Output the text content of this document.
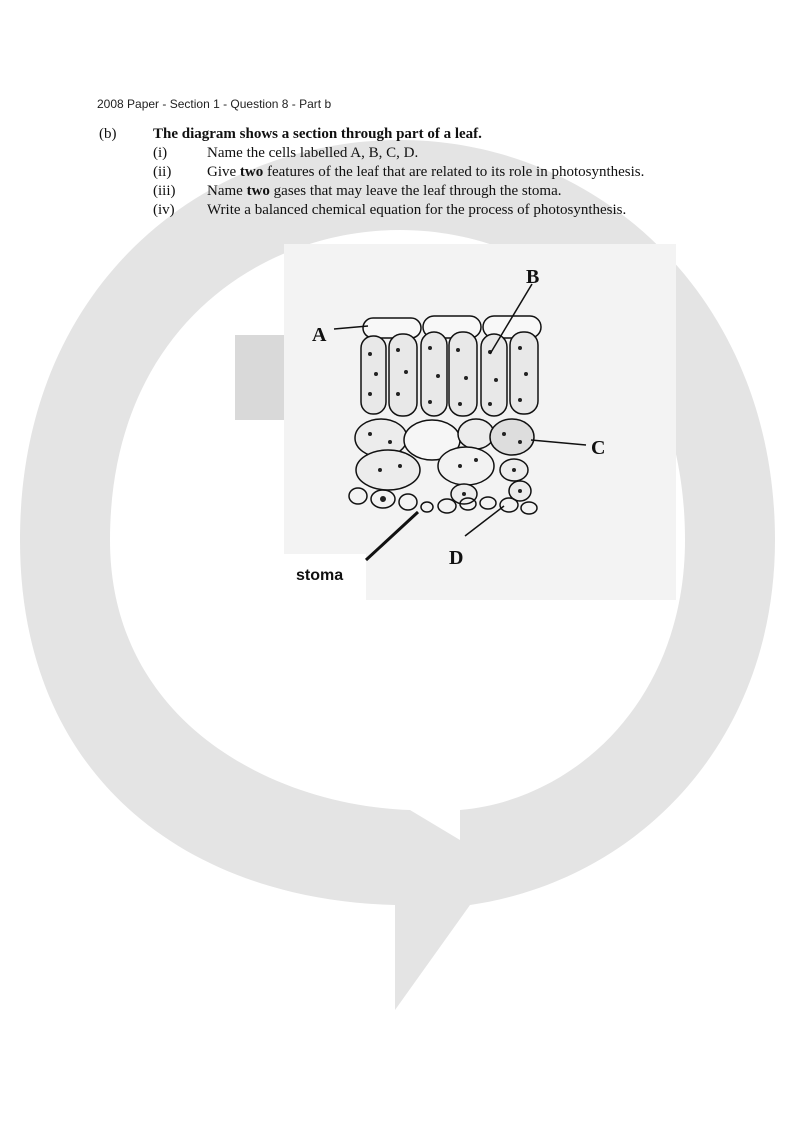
2008 Paper - Section 1 - Question 8 - Part b
(b) The diagram shows a section through part of a leaf.
(i)	Name the cells labelled A, B, C, D.
(ii) Give two features of the leaf that are related to its role in photosynthesis.
(iii) Name two gases that may leave the leaf through the stoma.
(iv) Write a balanced chemical equation for the process of photosynthesis.
A
B
C
D
stoma
